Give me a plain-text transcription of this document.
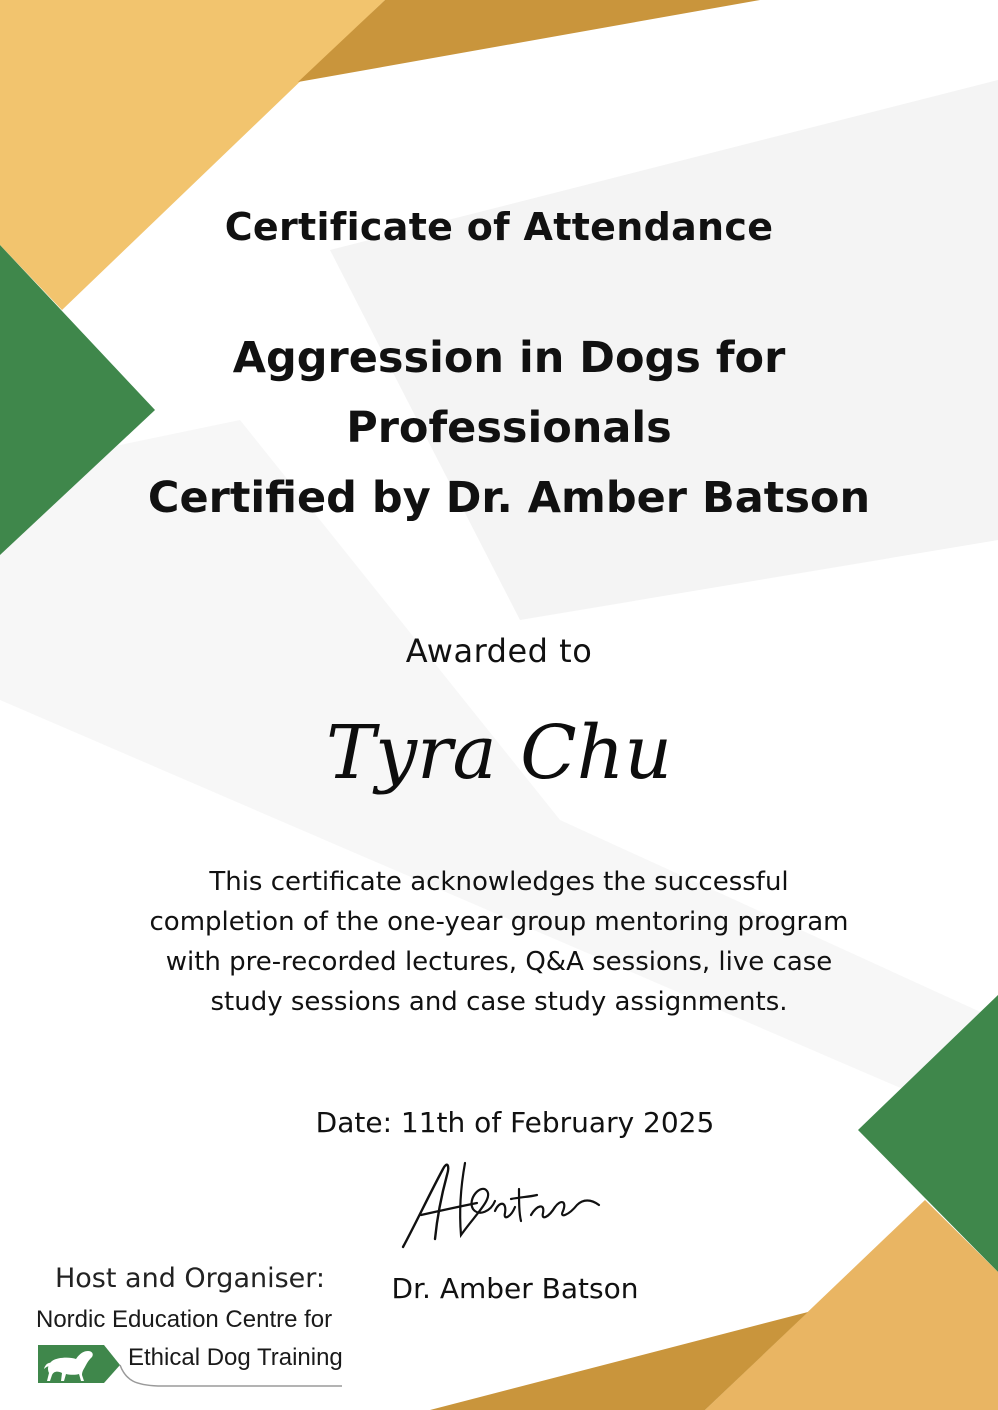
Certificate of Attendance
Aggression in Dogs for
Professionals
Certified by Dr. Amber Batson
Awarded to
Tyra Chu
This certificate acknowledges the successful
completion of the one-year group mentoring program
with pre-recorded lectures, Q&A sessions, live case
study sessions and case study assignments.
Date: 11th of February 2025
Dr. Amber Batson
Host and Organiser:
Nordic Education Centre for
Ethical Dog Training
